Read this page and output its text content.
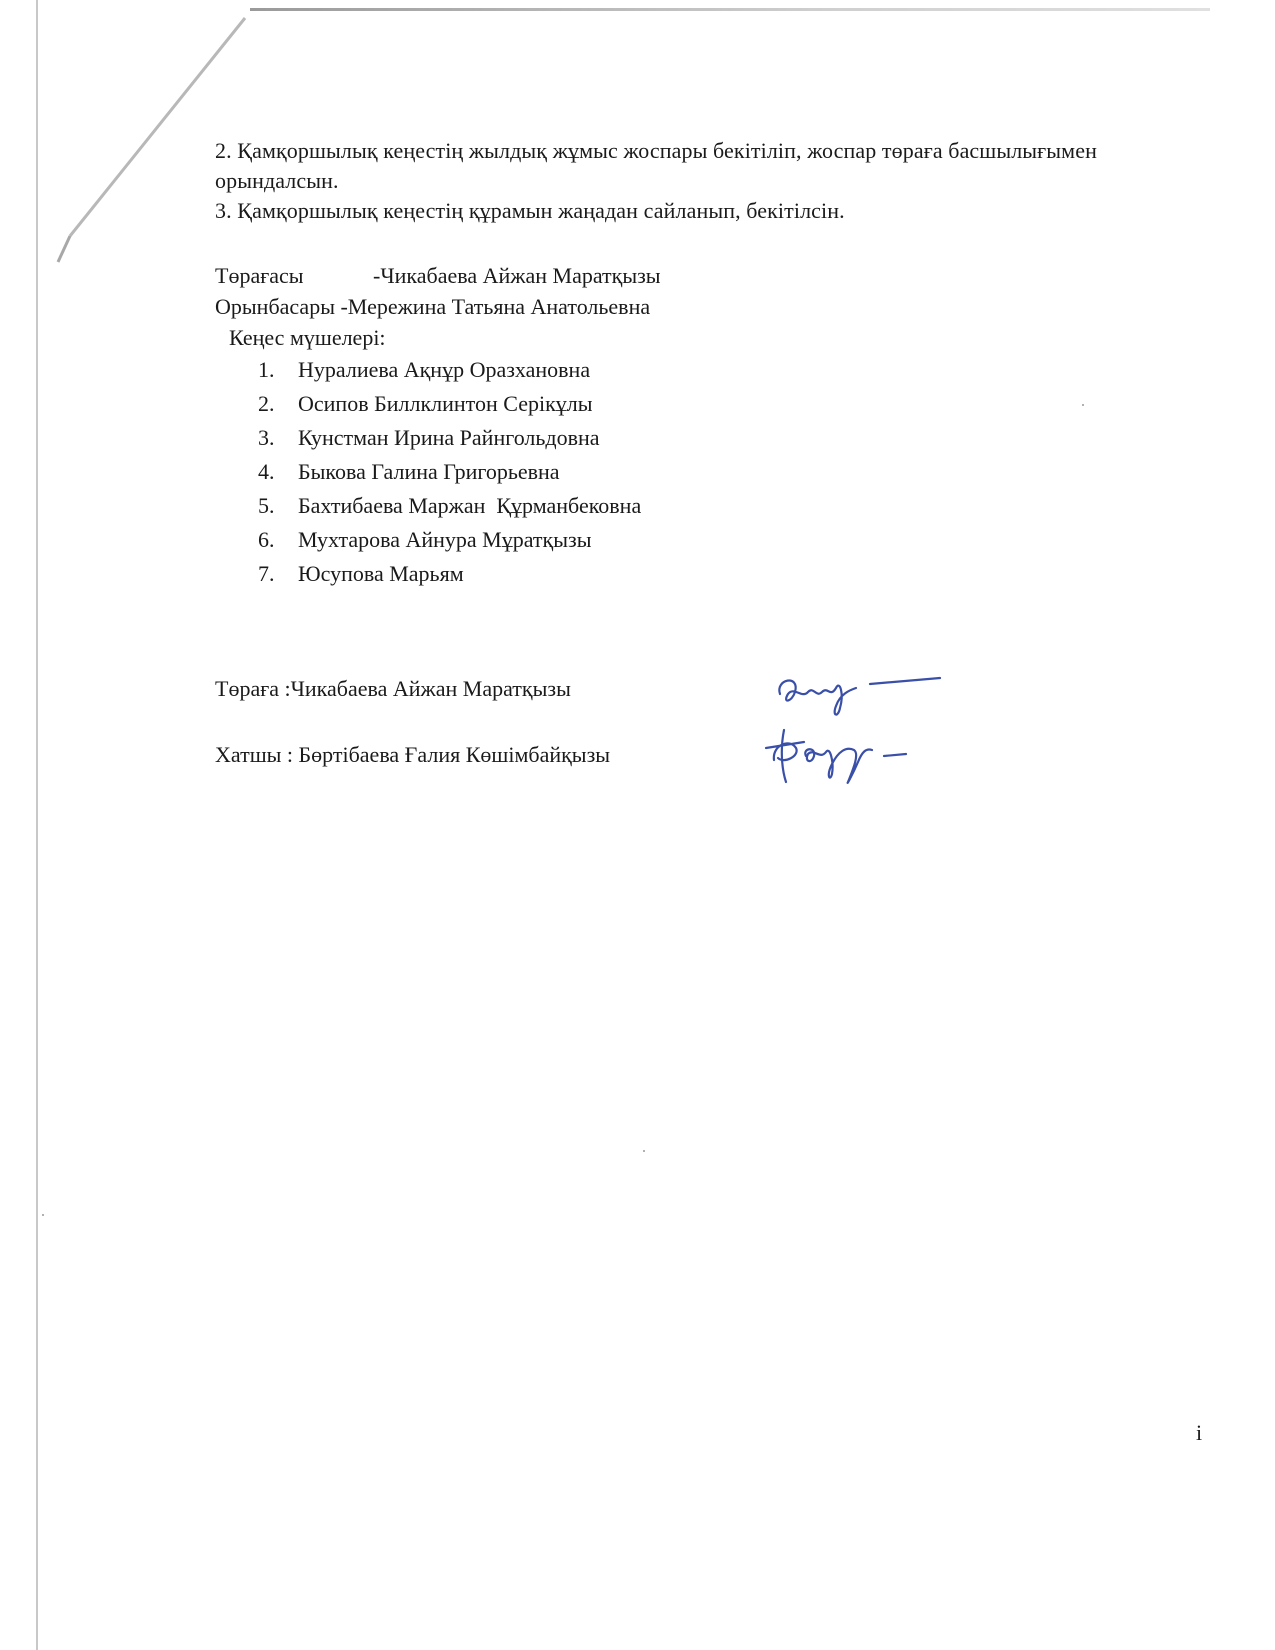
2. Қамқоршылық кеңестің жылдық жұмыс жоспары бекітіліп, жоспар төраға басшылығымен орындалсын.
3. Қамқоршылық кеңестің құрамын жаңадан сайланып, бекітілсін.
Төрағасы	-Чикабаева Айжан Маратқызы
Орынбасары -Мережина Татьяна Анатольевна
Кеңес мүшелері:
1. Нуралиева Ақнұр Оразхановна
2. Осипов Биллклинтон Серікұлы
3. Кунстман Ирина Райнгольдовна
4. Быкова Галина Григорьевна
5. Бахтибаева Маржан  Құрманбековна
6. Мухтарова Айнура Мұратқызы
7. Юсупова Марьям
Төраға :Чикабаева Айжан Маратқызы
Хатшы : Бөртібаева Ғалия Көшімбайқызы
i
